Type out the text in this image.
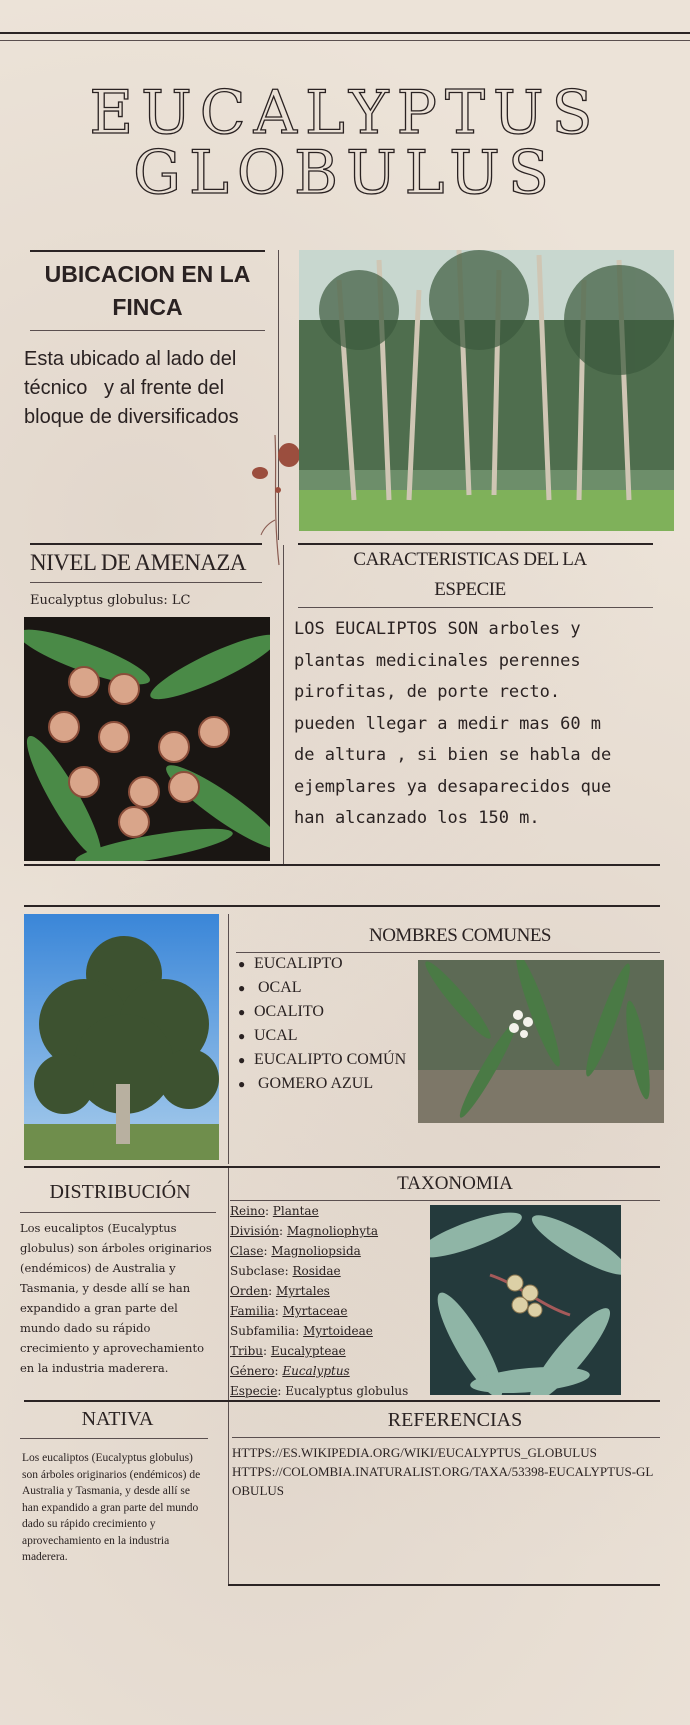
EUCALYPTUS
GLOBULUS
UBICACION EN LA FINCA
Esta ubicado al lado del técnico   y al frente del bloque de diversificados
NIVEL DE AMENAZA
Eucalyptus globulus: LC
CARACTERISTICAS DEL LA ESPECIE
LOS EUCALIPTOS SON arboles y plantas medicinales perennes pirofitas, de porte recto. pueden llegar a medir mas 60 m de altura , si bien se habla de ejemplares ya desaparecidos que han alcanzado los 150 m.
NOMBRES COMUNES
● EUCALIPTO
● OCAL
● OCALITO
● UCAL
● EUCALIPTO COMÚN
● GOMERO AZUL
DISTRIBUCIÓN
Los eucaliptos (Eucalyptus globulus) son árboles originarios (endémicos) de Australia y Tasmania, y desde allí se han expandido a gran parte del mundo dado su rápido crecimiento y aprovechamiento en la industria maderera.
TAXONOMIA
Reino: Plantae
División: Magnoliophyta
Clase: Magnoliopsida
Subclase: Rosidae
Orden: Myrtales
Familia: Myrtaceae
Subfamilia: Myrtoideae
Tribu: Eucalypteae
Género: Eucalyptus
Especie: Eucalyptus globulus
NATIVA
Los eucaliptos (Eucalyptus globulus) son árboles originarios (endémicos) de Australia y Tasmania, y desde allí se han expandido a gran parte del mundo dado su rápido crecimiento y aprovechamiento en la industria maderera.
REFERENCIAS
HTTPS://ES.WIKIPEDIA.ORG/WIKI/EUCALYPTUS_GLOBULUS
HTTPS://COLOMBIA.INATURALIST.ORG/TAXA/53398-EUCALYPTUS-GLOBULUS
